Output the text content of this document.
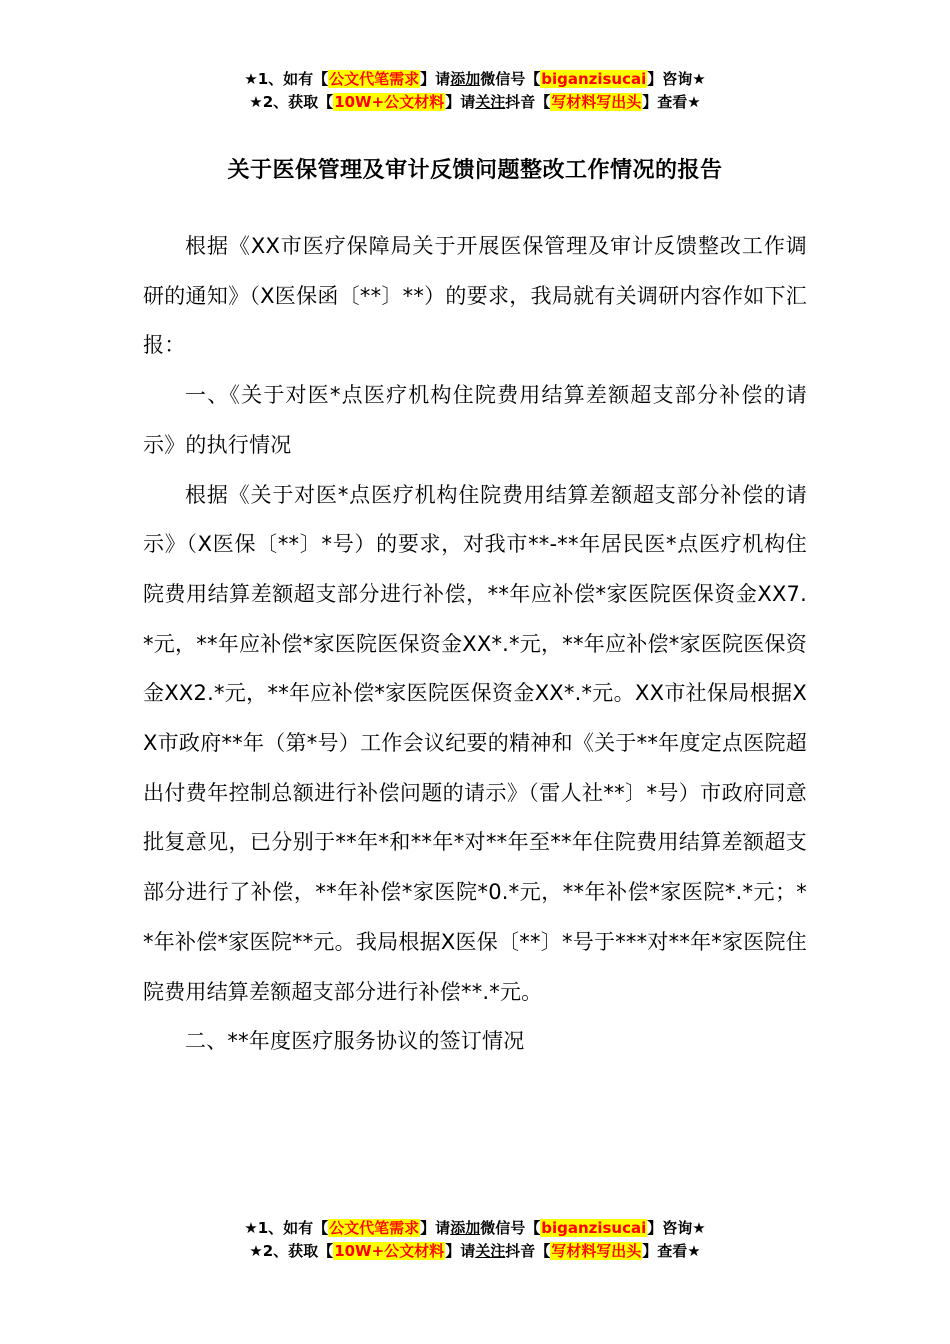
★1、如有【公文代笔需求】请添加微信号【biganzisucai】咨询★
★2、获取【10W+公文材料】请关注抖音【写材料写出头】查看★
关于医保管理及审计反馈问题整改工作情况的报告

根据《XX市医疗保障局关于开展医保管理及审计反馈整改工作调研的通知》（X医保函〔**〕**）的要求，我局就有关调研内容作如下汇报：

一、《关于对医*点医疗机构住院费用结算差额超支部分补偿的请示》的执行情况

根据《关于对医*点医疗机构住院费用结算差额超支部分补偿的请示》（X医保〔**〕*号）的要求，对我市**-**年居民医*点医疗机构住院费用结算差额超支部分进行补偿，**年应补偿*家医院医保资金XX7.*元，**年应补偿*家医院医保资金XX*.*元，**年应补偿*家医院医保资金XX2.*元，**年应补偿*家医院医保资金XX*.*元。XX市社保局根据XX市政府**年（第*号）工作会议纪要的精神和《关于**年度定点医院超出付费年控制总额进行补偿问题的请示》（雷人社**〕*号）市政府同意批复意见，已分别于**年*和**年*对**年至**年住院费用结算差额超支部分进行了补偿，**年补偿*家医院*0.*元，**年补偿*家医院*.*元；**年补偿*家医院**元。我局根据X医保〔**〕*号于***对**年*家医院住院费用结算差额超支部分进行补偿**.*元。

二、**年度医疗服务协议的签订情况

★1、如有【公文代笔需求】请添加微信号【biganzisucai】咨询★
★2、获取【10W+公文材料】请关注抖音【写材料写出头】查看★
